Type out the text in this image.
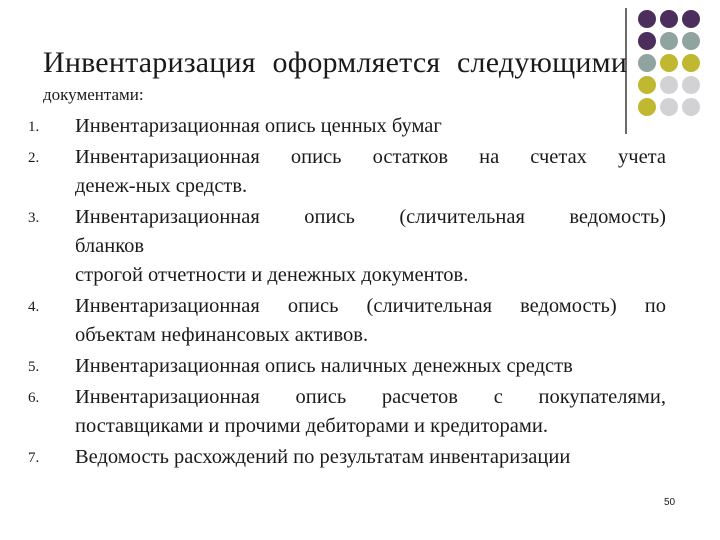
Инвентаризация оформляется следующими
документами:
1. Инвентаризационная опись ценных бумаг
2. Инвентаризационная опись остатков на счетах учета
денеж-ных средств.
3. Инвентаризационная опись (сличительная ведомость)
бланков
строгой отчетности и денежных документов.
4. Инвентаризационная опись (сличительная ведомость) по
объектам нефинансовых активов.
5. Инвентаризационная опись наличных денежных средств
6. Инвентаризационная опись расчетов с покупателями,
поставщиками и прочими дебиторами и кредиторами.
7. Ведомость расхождений по результатам инвентаризации
50
